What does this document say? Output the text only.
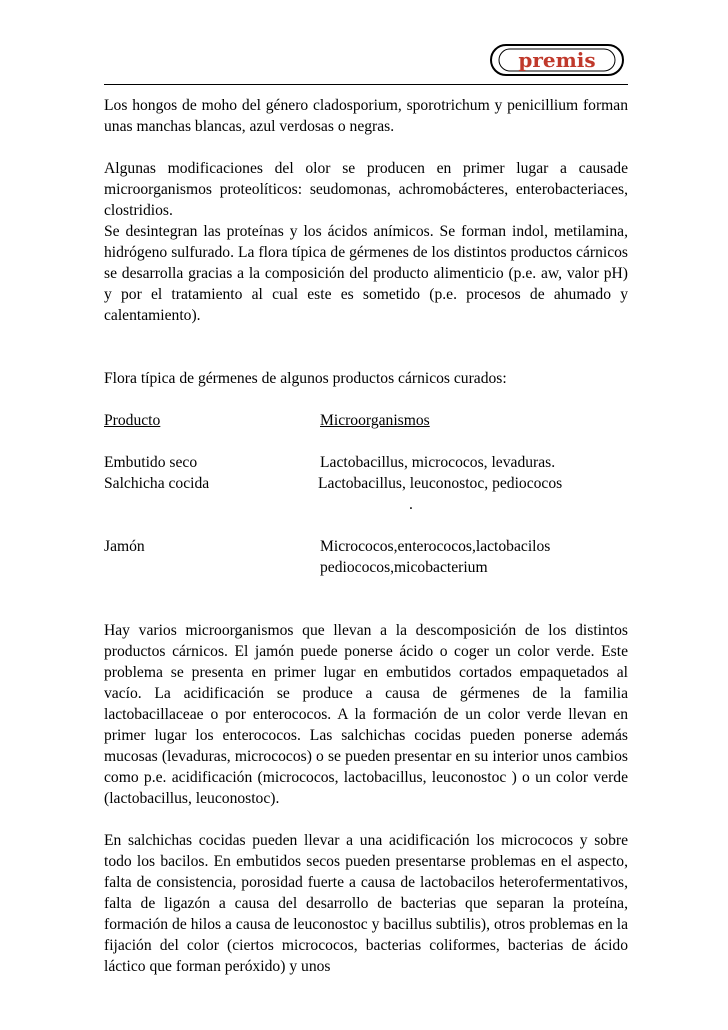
premis

Los hongos de moho del género cladosporium, sporotrichum y penicillium forman unas manchas blancas, azul verdosas o negras.

Algunas modificaciones del olor se producen en primer lugar a causade microorganismos proteolíticos: seudomonas, achromobácteres, enterobacteriaces, clostridios.

Se desintegran las proteínas y los ácidos anímicos. Se forman indol, metilamina, hidrógeno sulfurado. La flora típica de gérmenes de los distintos productos cárnicos se desarrolla gracias a la composición del producto alimenticio (p.e. aw, valor pH) y por el tratamiento al cual este es sometido (p.e. procesos de ahumado y calentamiento).

Flora típica de gérmenes de algunos productos cárnicos curados:

Producto	Microorganismos
Embutido seco	Lactobacillus, micrococos, levaduras.
Salchicha cocida	Lactobacillus, leuconostoc, pediococos
.
Jamón	Micrococos,enterococos,lactobacilos
pediococos,micobacterium

Hay varios microorganismos que llevan a la descomposición de los distintos productos cárnicos. El jamón puede ponerse ácido o coger un color verde. Este problema se presenta en primer lugar en embutidos cortados empaquetados al vacío. La acidificación se produce a causa de gérmenes de la familia lactobacillaceae o por enterococos. A la formación de un color verde llevan en primer lugar los enterococos. Las salchichas cocidas pueden ponerse además mucosas (levaduras, micrococos) o se pueden presentar en su interior unos cambios como p.e. acidificación (micrococos, lactobacillus, leuconostoc ) o un color verde (lactobacillus, leuconostoc).

En salchichas cocidas pueden llevar a una acidificación los micrococos y sobre todo los bacilos. En embutidos secos pueden presentarse problemas en el aspecto, falta de consistencia, porosidad fuerte a causa de lactobacilos heterofermentativos, falta de ligazón a causa del desarrollo de bacterias que separan la proteína, formación de hilos a causa de leuconostoc y bacillus subtilis), otros problemas en la fijación del color (ciertos micrococos, bacterias coliformes, bacterias de ácido láctico que forman peróxido) y unos
